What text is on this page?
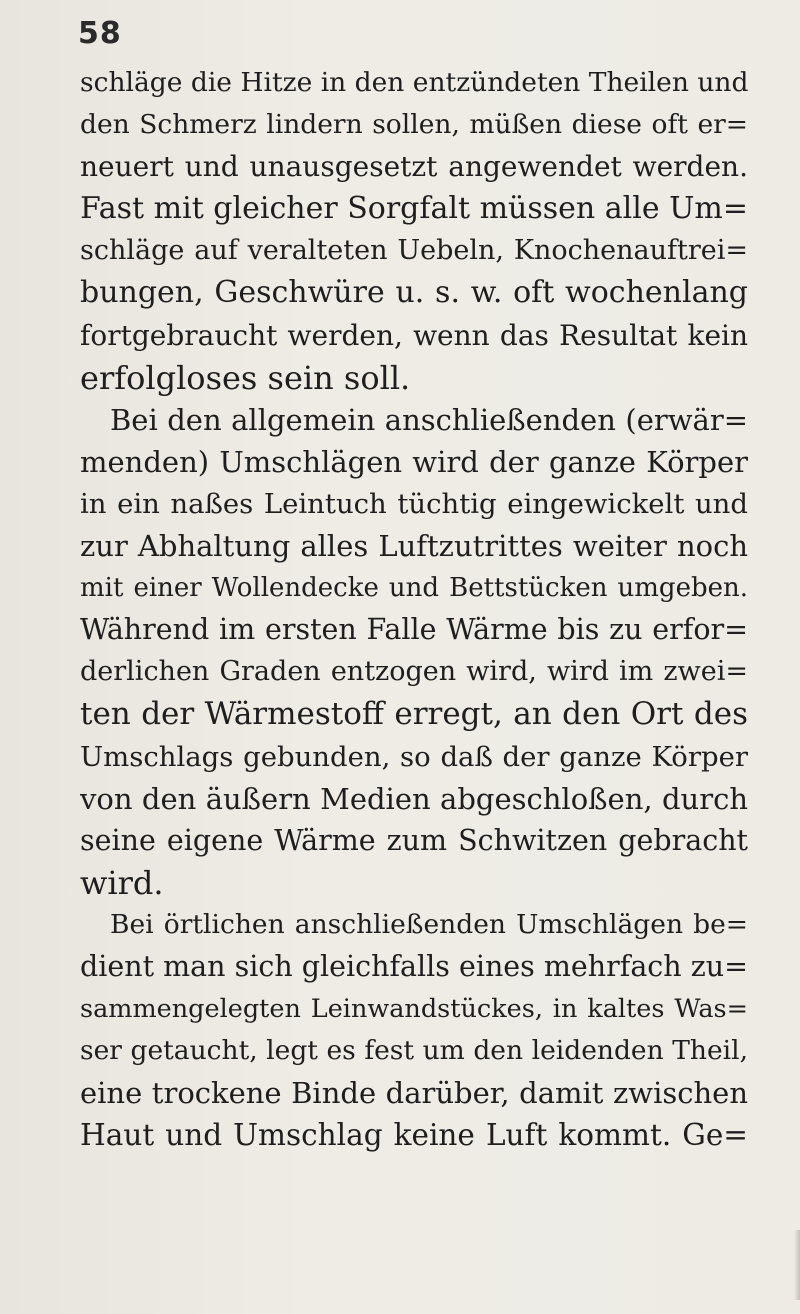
58
schläge die Hitze in den entzündeten Theilen und
den Schmerz lindern sollen, müßen diese oft er=
neuert und unausgesetzt angewendet werden.
Fast mit gleicher Sorgfalt müssen alle Um=
schläge auf veralteten Uebeln, Knochenauftrei=
bungen, Geschwüre u. s. w. oft wochenlang
fortgebraucht werden, wenn das Resultat kein
erfolgloses sein soll.
Bei den allgemein anschließenden (erwär=
menden) Umschlägen wird der ganze Körper
in ein naßes Leintuch tüchtig eingewickelt und
zur Abhaltung alles Luftzutrittes weiter noch
mit einer Wollendecke und Bettstücken umgeben.
Während im ersten Falle Wärme bis zu erfor=
derlichen Graden entzogen wird, wird im zwei=
ten der Wärmestoff erregt, an den Ort des
Umschlags gebunden, so daß der ganze Körper
von den äußern Medien abgeschloßen, durch
seine eigene Wärme zum Schwitzen gebracht
wird.
Bei örtlichen anschließenden Umschlägen be=
dient man sich gleichfalls eines mehrfach zu=
sammengelegten Leinwandstückes, in kaltes Was=
ser getaucht, legt es fest um den leidenden Theil,
eine trockene Binde darüber, damit zwischen
Haut und Umschlag keine Luft kommt. Ge=
